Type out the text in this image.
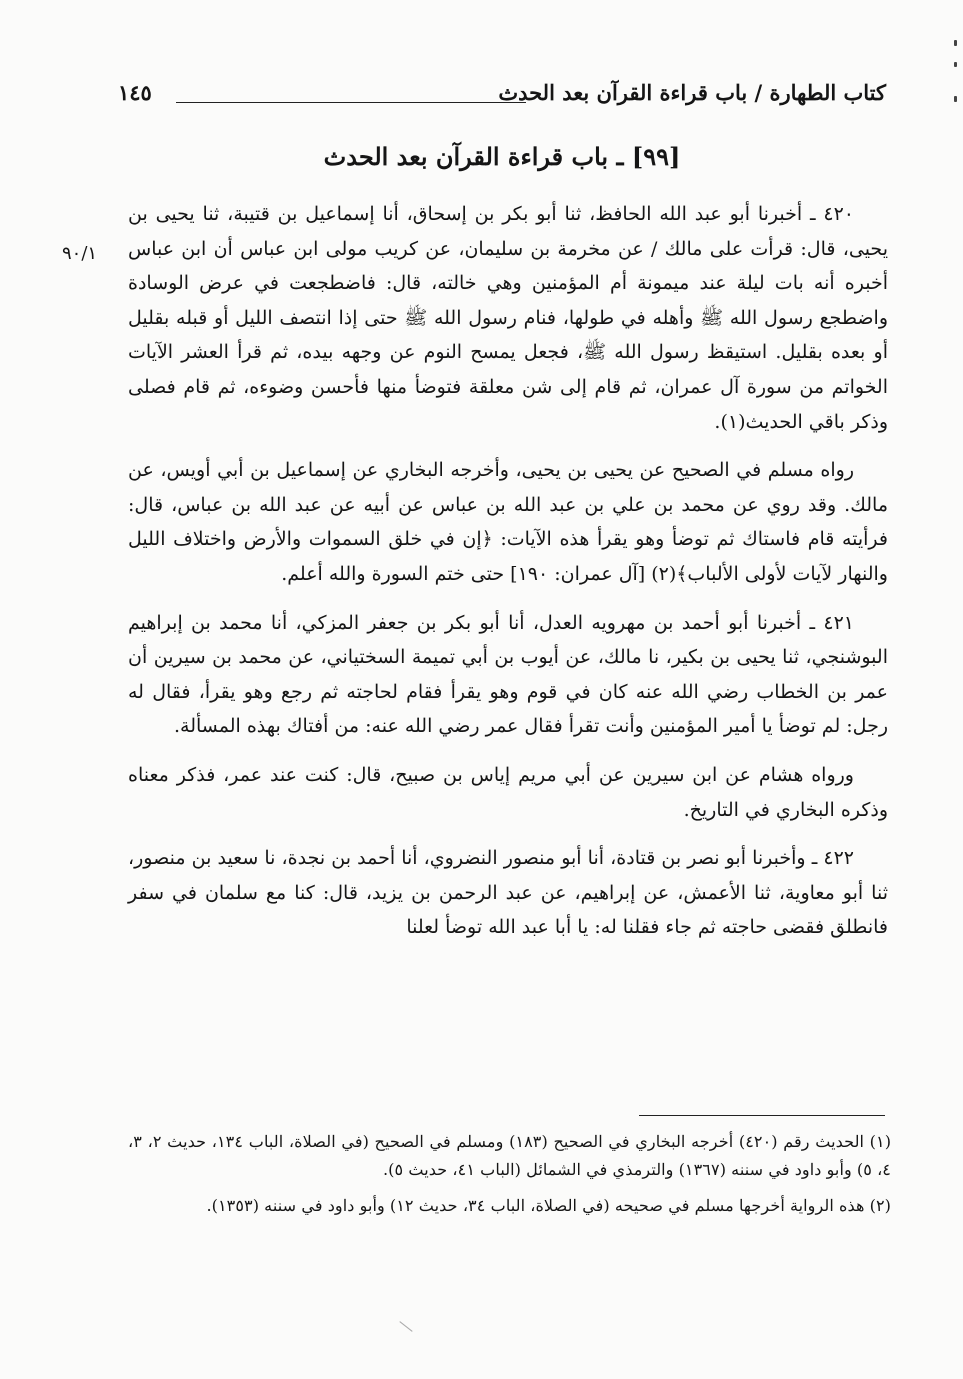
كتاب الطهارة / باب قراءة القرآن بعد الحدث
١٤٥
[٩٩] ـ باب قراءة القرآن بعد الحدث
٩٠/١

٤٢٠ ـ أخبرنا أبو عبد الله الحافظ، ثنا أبو بكر بن إسحاق، أنا إسماعيل بن قتيبة، ثنا يحيى بن يحيى، قال: قرأت على مالك / عن مخرمة بن سليمان، عن كريب مولى ابن عباس أن ابن عباس أخبره أنه بات ليلة عند ميمونة أم المؤمنين وهي خالته، قال: فاضطجعت في عرض الوسادة واضطجع رسول الله ﷺ وأهله في طولها، فنام رسول الله ﷺ حتى إذا انتصف الليل أو قبله بقليل أو بعده بقليل. استيقظ رسول الله ﷺ، فجعل يمسح النوم عن وجهه بيده، ثم قرأ العشر الآيات الخواتم من سورة آل عمران، ثم قام إلى شن معلقة فتوضأ منها فأحسن وضوءه، ثم قام فصلى وذكر باقي الحديث(١).

رواه مسلم في الصحيح عن يحيى بن يحيى، وأخرجه البخاري عن إسماعيل بن أبي أويس، عن مالك. وقد روي عن محمد بن علي بن عبد الله بن عباس عن أبيه عن عبد الله بن عباس، قال: فرأيته قام فاستاك ثم توضأ وهو يقرأ هذه الآيات: ﴿إن في خلق السموات والأرض واختلاف الليل والنهار لآيات لأولى الألباب﴾(٢) [آل عمران: ١٩٠] حتى ختم السورة والله أعلم.

٤٢١ ـ أخبرنا أبو أحمد بن مهرويه العدل، أنا أبو بكر بن جعفر المزكي، أنا محمد بن إبراهيم البوشنجي، ثنا يحيى بن بكير، نا مالك، عن أيوب بن أبي تميمة السختياني، عن محمد بن سيرين أن عمر بن الخطاب رضي الله عنه كان في قوم وهو يقرأ فقام لحاجته ثم رجع وهو يقرأ، فقال له رجل: لم توضأ يا أمير المؤمنين وأنت تقرأ فقال عمر رضي الله عنه: من أفتاك بهذه المسألة.

ورواه هشام عن ابن سيرين عن أبي مريم إياس بن صبيح، قال: كنت عند عمر، فذكر معناه وذكره البخاري في التاريخ.

٤٢٢ ـ وأخبرنا أبو نصر بن قتادة، أنا أبو منصور النضروي، أنا أحمد بن نجدة، نا سعيد بن منصور، ثنا أبو معاوية، ثنا الأعمش، عن إبراهيم، عن عبد الرحمن بن يزيد، قال: كنا مع سلمان في سفر فانطلق فقضى حاجته ثم جاء فقلنا له: يا أبا عبد الله توضأ لعلنا

(١) الحديث رقم (٤٢٠) أخرجه البخاري في الصحيح (١٨٣) ومسلم في الصحيح (في الصلاة، الباب ١٣٤، حديث ٢، ٣، ٤، ٥) وأبو داود في سننه (١٣٦٧) والترمذي في الشمائل (الباب ٤١، حديث ٥).

(٢) هذه الرواية أخرجها مسلم في صحيحه (في الصلاة، الباب ٣٤، حديث ١٢) وأبو داود في سننه (١٣٥٣).
